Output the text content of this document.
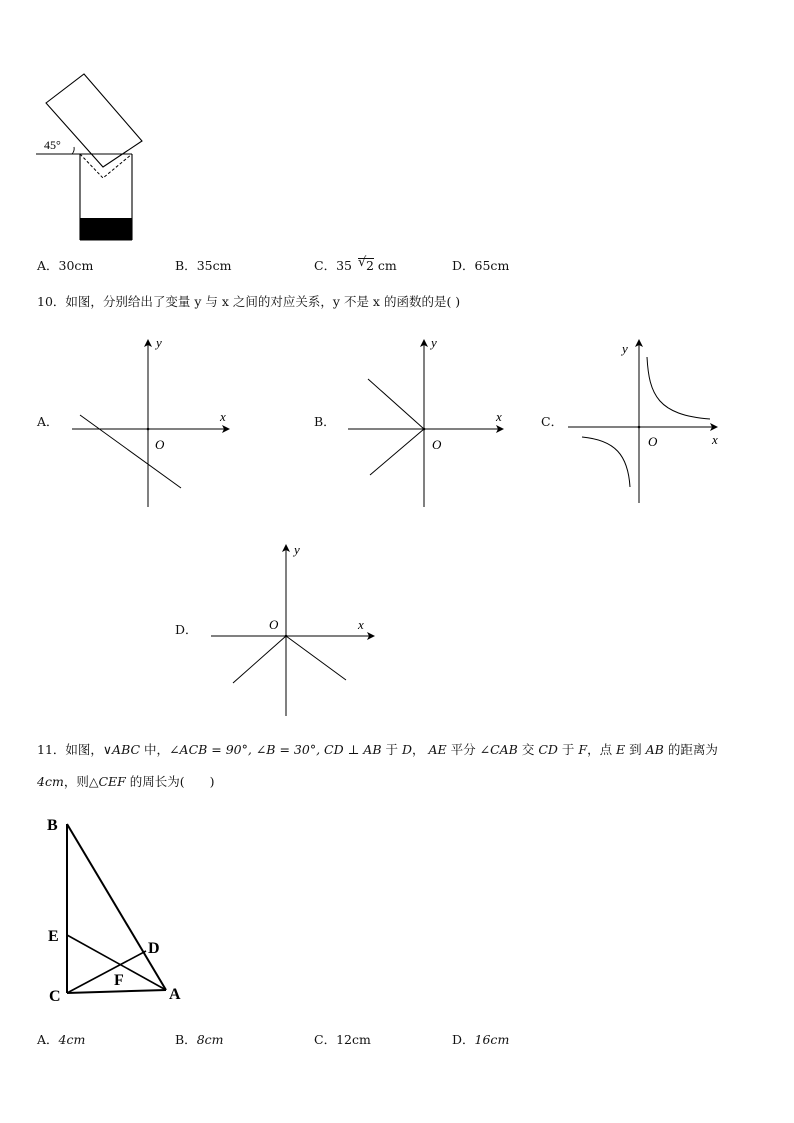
45°
A．30cm	B．35cm	C．35 √ 2 cm	D．65cm
10．如图，分别给出了变量 y 与 x 之间的对应关系，y 不是 x 的函数的是( )
A．	x
y
O
B．	x
y
O
C．
x
y
O
D．	x
y
O
11．如图，∨ABC 中，∠ACB = 90°, ∠B = 30°, CD ⊥ AB 于 D， AE 平分 ∠CAB 交 CD 于 F，点 E 到 AB 的距离为
4cm，则△CEF 的周长为(　　)
B
E
D
F
C	A
A．4cm	B．8cm	C．12cm	D．16cm
